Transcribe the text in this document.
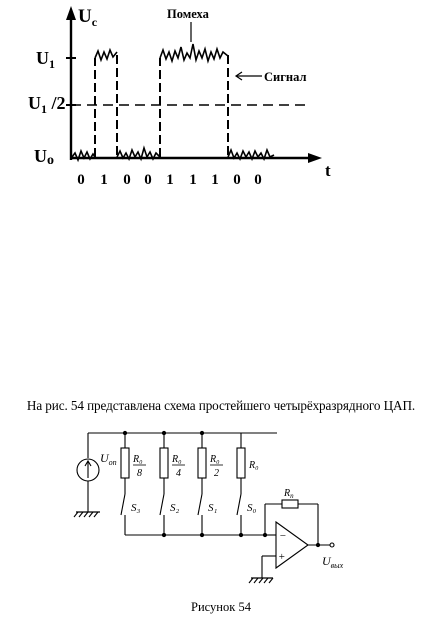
$U_c$
t
$U_1$
$U_1$ /2
Uo
Помеха
Сигнал
0 1 0 0 1 1 1 0 0
$U_{оп}$ R₀
8
R₀
4
R₀
2
R₀
S₃	S₂	S₁	S₀
$R_п$
−
+	$U_{вых}$
На рис. 54 представлена схема простейшего четырёхразрядного ЦАП.
Рисунок 54
